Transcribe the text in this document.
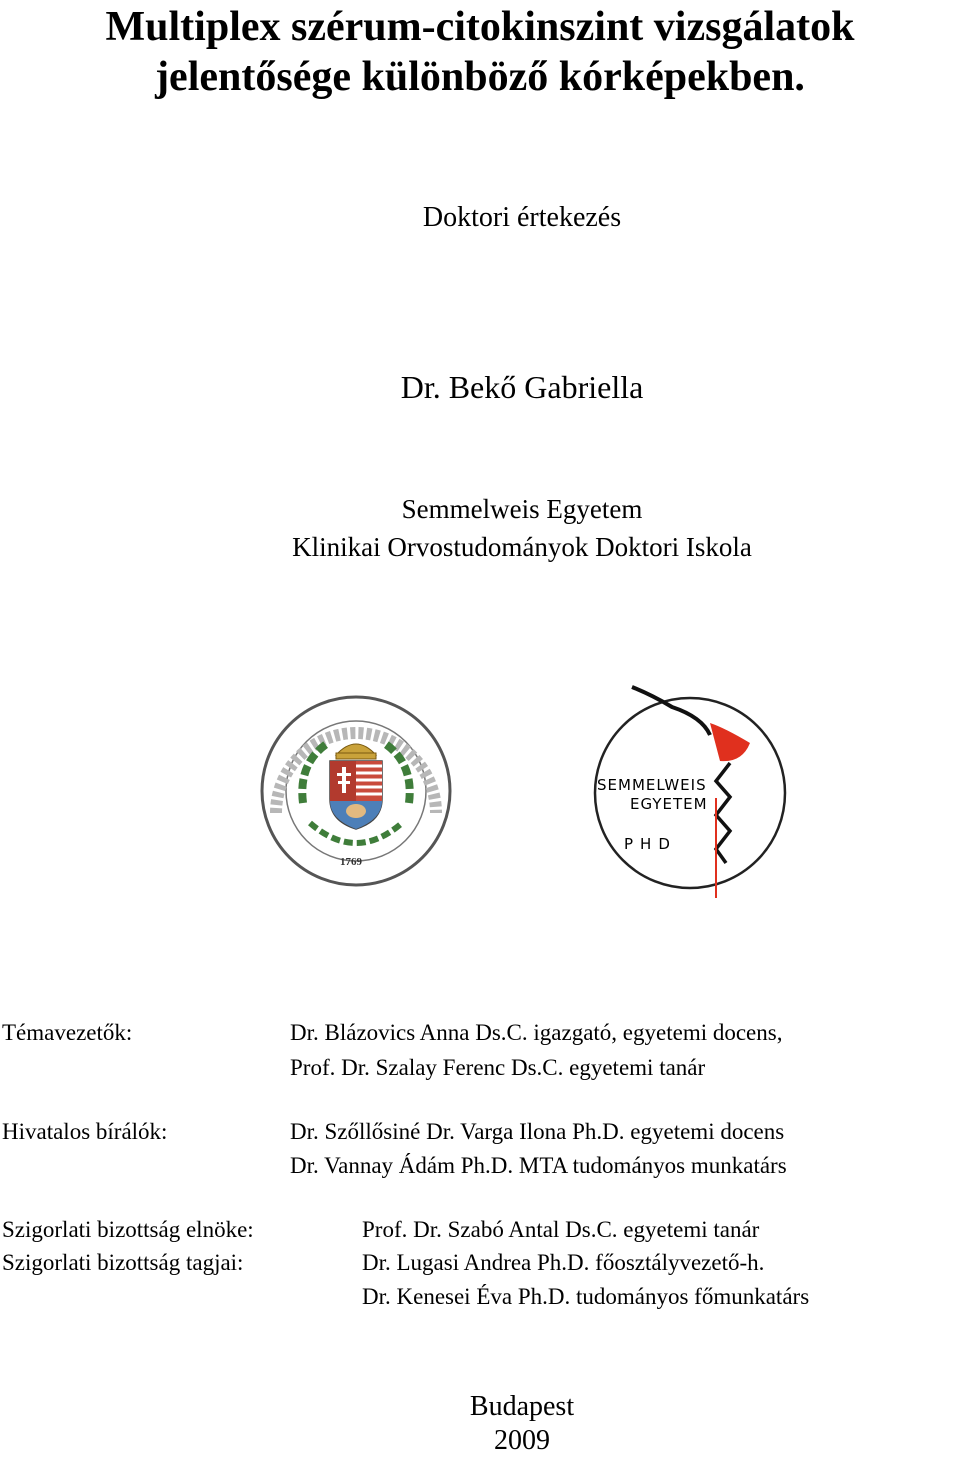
Multiplex szérum-citokinszint vizsgálatok
jelentősége különböző kórképekben.

Doktori értekezés

Dr. Bekő Gabriella

Semmelweis Egyetem

Klinikai Orvostudományok Doktori Iskola

1769
SEMMELWEIS
EGYETEM
PHD

Témavezetők:	Dr. Blázovics Anna Ds.C. igazgató, egyetemi docens,

Prof. Dr. Szalay Ferenc Ds.C. egyetemi tanár

Hivatalos bírálók:	Dr. Szőllősiné Dr. Varga Ilona Ph.D. egyetemi docens

Dr. Vannay Ádám Ph.D. MTA tudományos munkatárs

Szigorlati bizottság elnöke:

Szigorlati bizottság tagjai:

Prof. Dr. Szabó Antal Ds.C. egyetemi tanár

Dr. Lugasi Andrea Ph.D. főosztályvezető-h.

Dr. Kenesei Éva Ph.D. tudományos főmunkatárs

Budapest

2009
